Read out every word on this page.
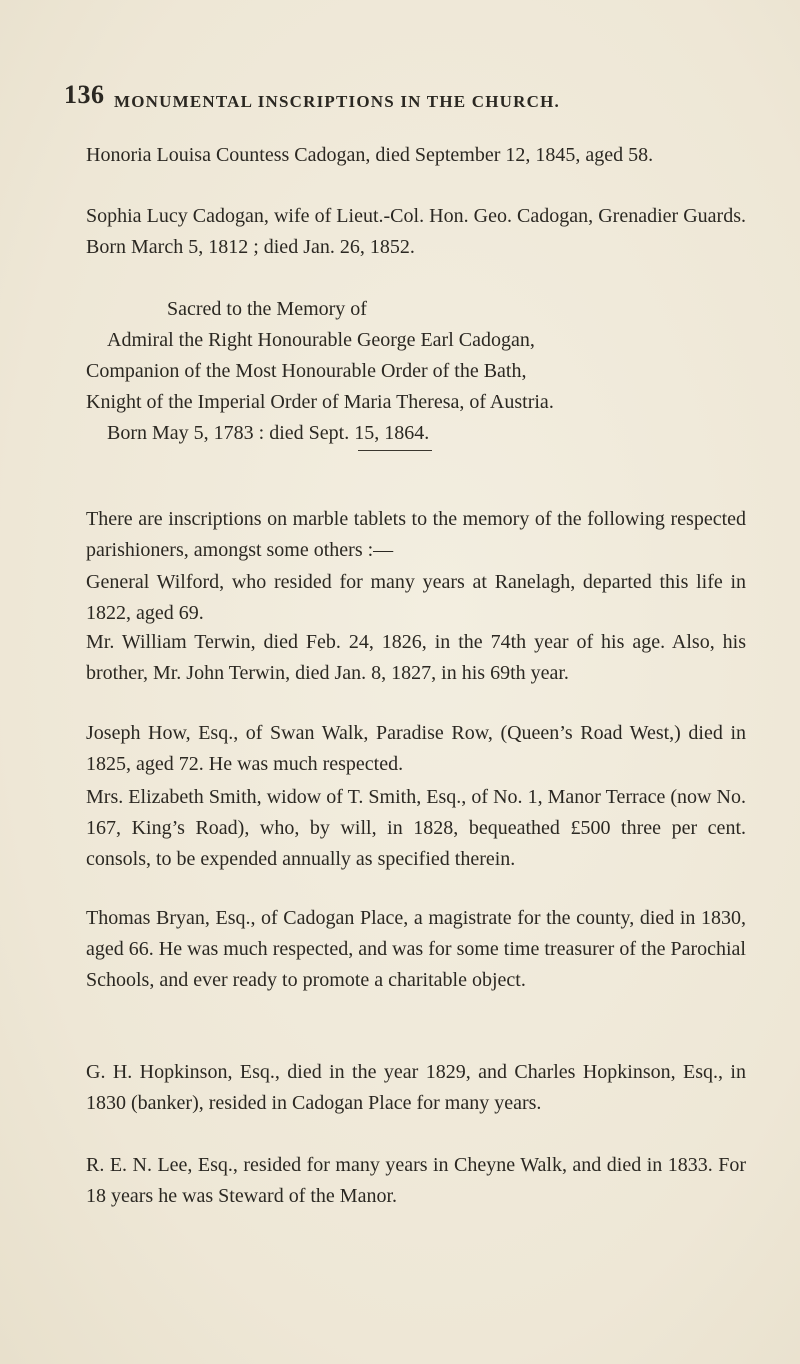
136 MONUMENTAL INSCRIPTIONS IN THE CHURCH.

Honoria Louisa Countess Cadogan, died September 12, 1845, aged 58.

Sophia Lucy Cadogan, wife of Lieut.-Col. Hon. Geo. Cadogan, Grenadier Guards. Born March 5, 1812 ; died Jan. 26, 1852.

Sacred to the Memory of
Admiral the Right Honourable George Earl Cadogan,
Companion of the Most Honourable Order of the Bath,
Knight of the Imperial Order of Maria Theresa, of Austria.
Born May 5, 1783 : died Sept. 15, 1864.

There are inscriptions on marble tablets to the memory of the following respected parishioners, amongst some others :—

General Wilford, who resided for many years at Ranelagh, departed this life in 1822, aged 69.

Mr. William Terwin, died Feb. 24, 1826, in the 74th year of his age. Also, his brother, Mr. John Terwin, died Jan. 8, 1827, in his 69th year.

Joseph How, Esq., of Swan Walk, Paradise Row, (Queen’s Road West,) died in 1825, aged 72. He was much respected.

Mrs. Elizabeth Smith, widow of T. Smith, Esq., of No. 1, Manor Terrace (now No. 167, King’s Road), who, by will, in 1828, bequeathed £500 three per cent. consols, to be expended annually as specified therein.

Thomas Bryan, Esq., of Cadogan Place, a magistrate for the county, died in 1830, aged 66. He was much respected, and was for some time treasurer of the Parochial Schools, and ever ready to promote a charitable object.

G. H. Hopkinson, Esq., died in the year 1829, and Charles Hopkinson, Esq., in 1830 (banker), resided in Cadogan Place for many years.

R. E. N. Lee, Esq., resided for many years in Cheyne Walk, and died in 1833. For 18 years he was Steward of the Manor.
